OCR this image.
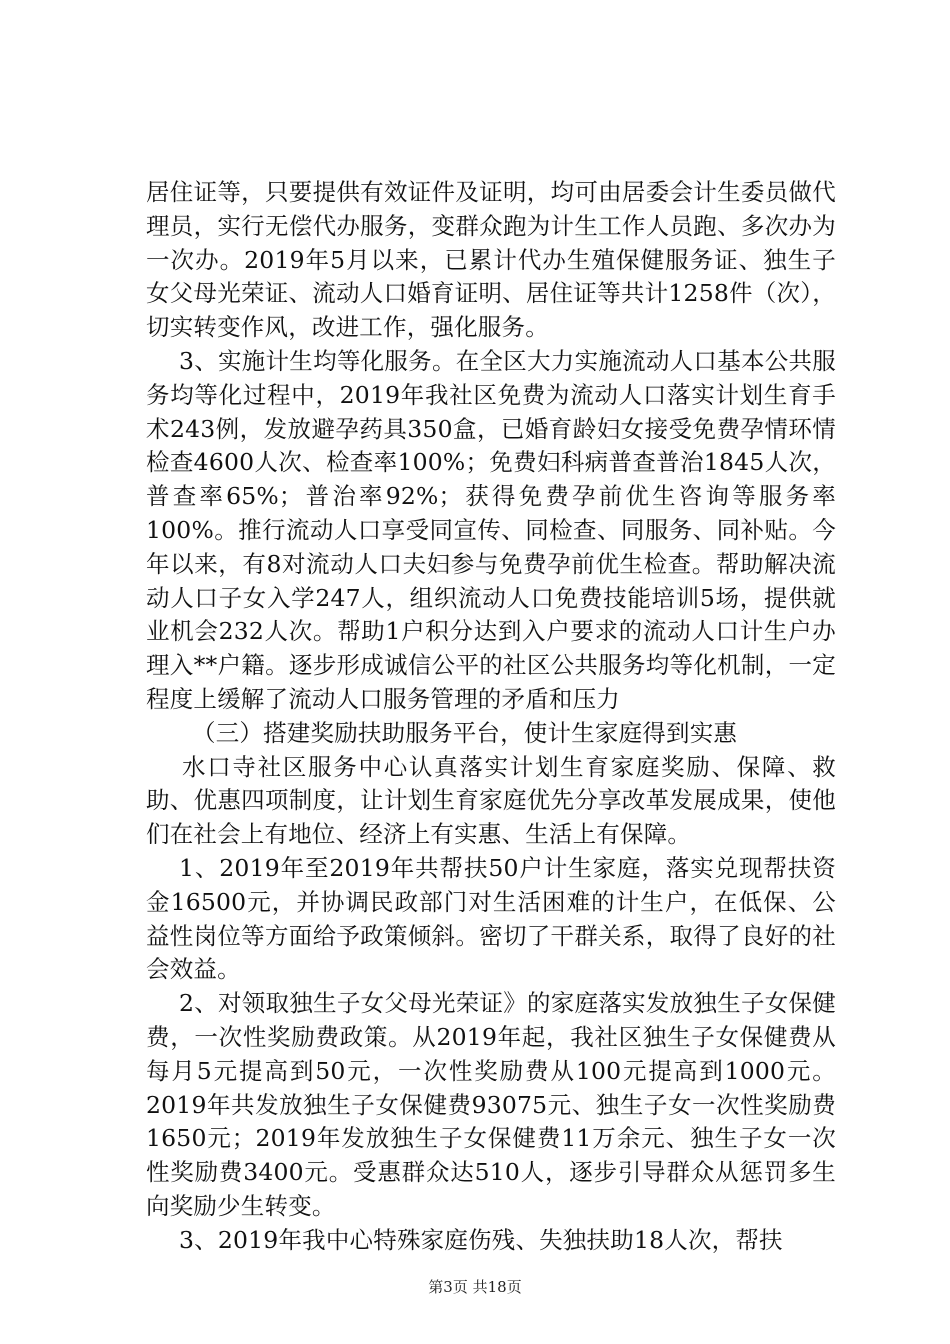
居住证等，只要提供有效证件及证明，均可由居委会计生委员做代理员，实行无偿代办服务，变群众跑为计生工作人员跑、多次办为一次办。2019年5月以来，已累计代办生殖保健服务证、独生子女父母光荣证、流动人口婚育证明、居住证等共计1258件（次），切实转变作风，改进工作，强化服务。

3、实施计生均等化服务。在全区大力实施流动人口基本公共服务均等化过程中，2019年我社区免费为流动人口落实计划生育手术243例，发放避孕药具350盒，已婚育龄妇女接受免费孕情环情检查4600人次、检查率100%；免费妇科病普查普治1845人次，普查率65%；普治率92%；获得免费孕前优生咨询等服务率100%。推行流动人口享受同宣传、同检查、同服务、同补贴。今年以来，有8对流动人口夫妇参与免费孕前优生检查。帮助解决流动人口子女入学247人，组织流动人口免费技能培训5场，提供就业机会232人次。帮助1户积分达到入户要求的流动人口计生户办理入**户籍。逐步形成诚信公平的社区公共服务均等化机制，一定程度上缓解了流动人口服务管理的矛盾和压力

（三）搭建奖励扶助服务平台，使计生家庭得到实惠

水口寺社区服务中心认真落实计划生育家庭奖励、保障、救助、优惠四项制度，让计划生育家庭优先分享改革发展成果，使他们在社会上有地位、经济上有实惠、生活上有保障。

1、2019年至2019年共帮扶50户计生家庭，落实兑现帮扶资金16500元，并协调民政部门对生活困难的计生户，在低保、公益性岗位等方面给予政策倾斜。密切了干群关系，取得了良好的社会效益。

2、对领取独生子女父母光荣证》的家庭落实发放独生子女保健费，一次性奖励费政策。从2019年起，我社区独生子女保健费从每月5元提高到50元，一次性奖励费从100元提高到1000元。2019年共发放独生子女保健费93075元、独生子女一次性奖励费1650元；2019年发放独生子女保健费11万余元、独生子女一次性奖励费3400元。受惠群众达510人，逐步引导群众从惩罚多生向奖励少生转变。

3、2019年我中心特殊家庭伤残、失独扶助18人次，帮扶

第3页 共18页
